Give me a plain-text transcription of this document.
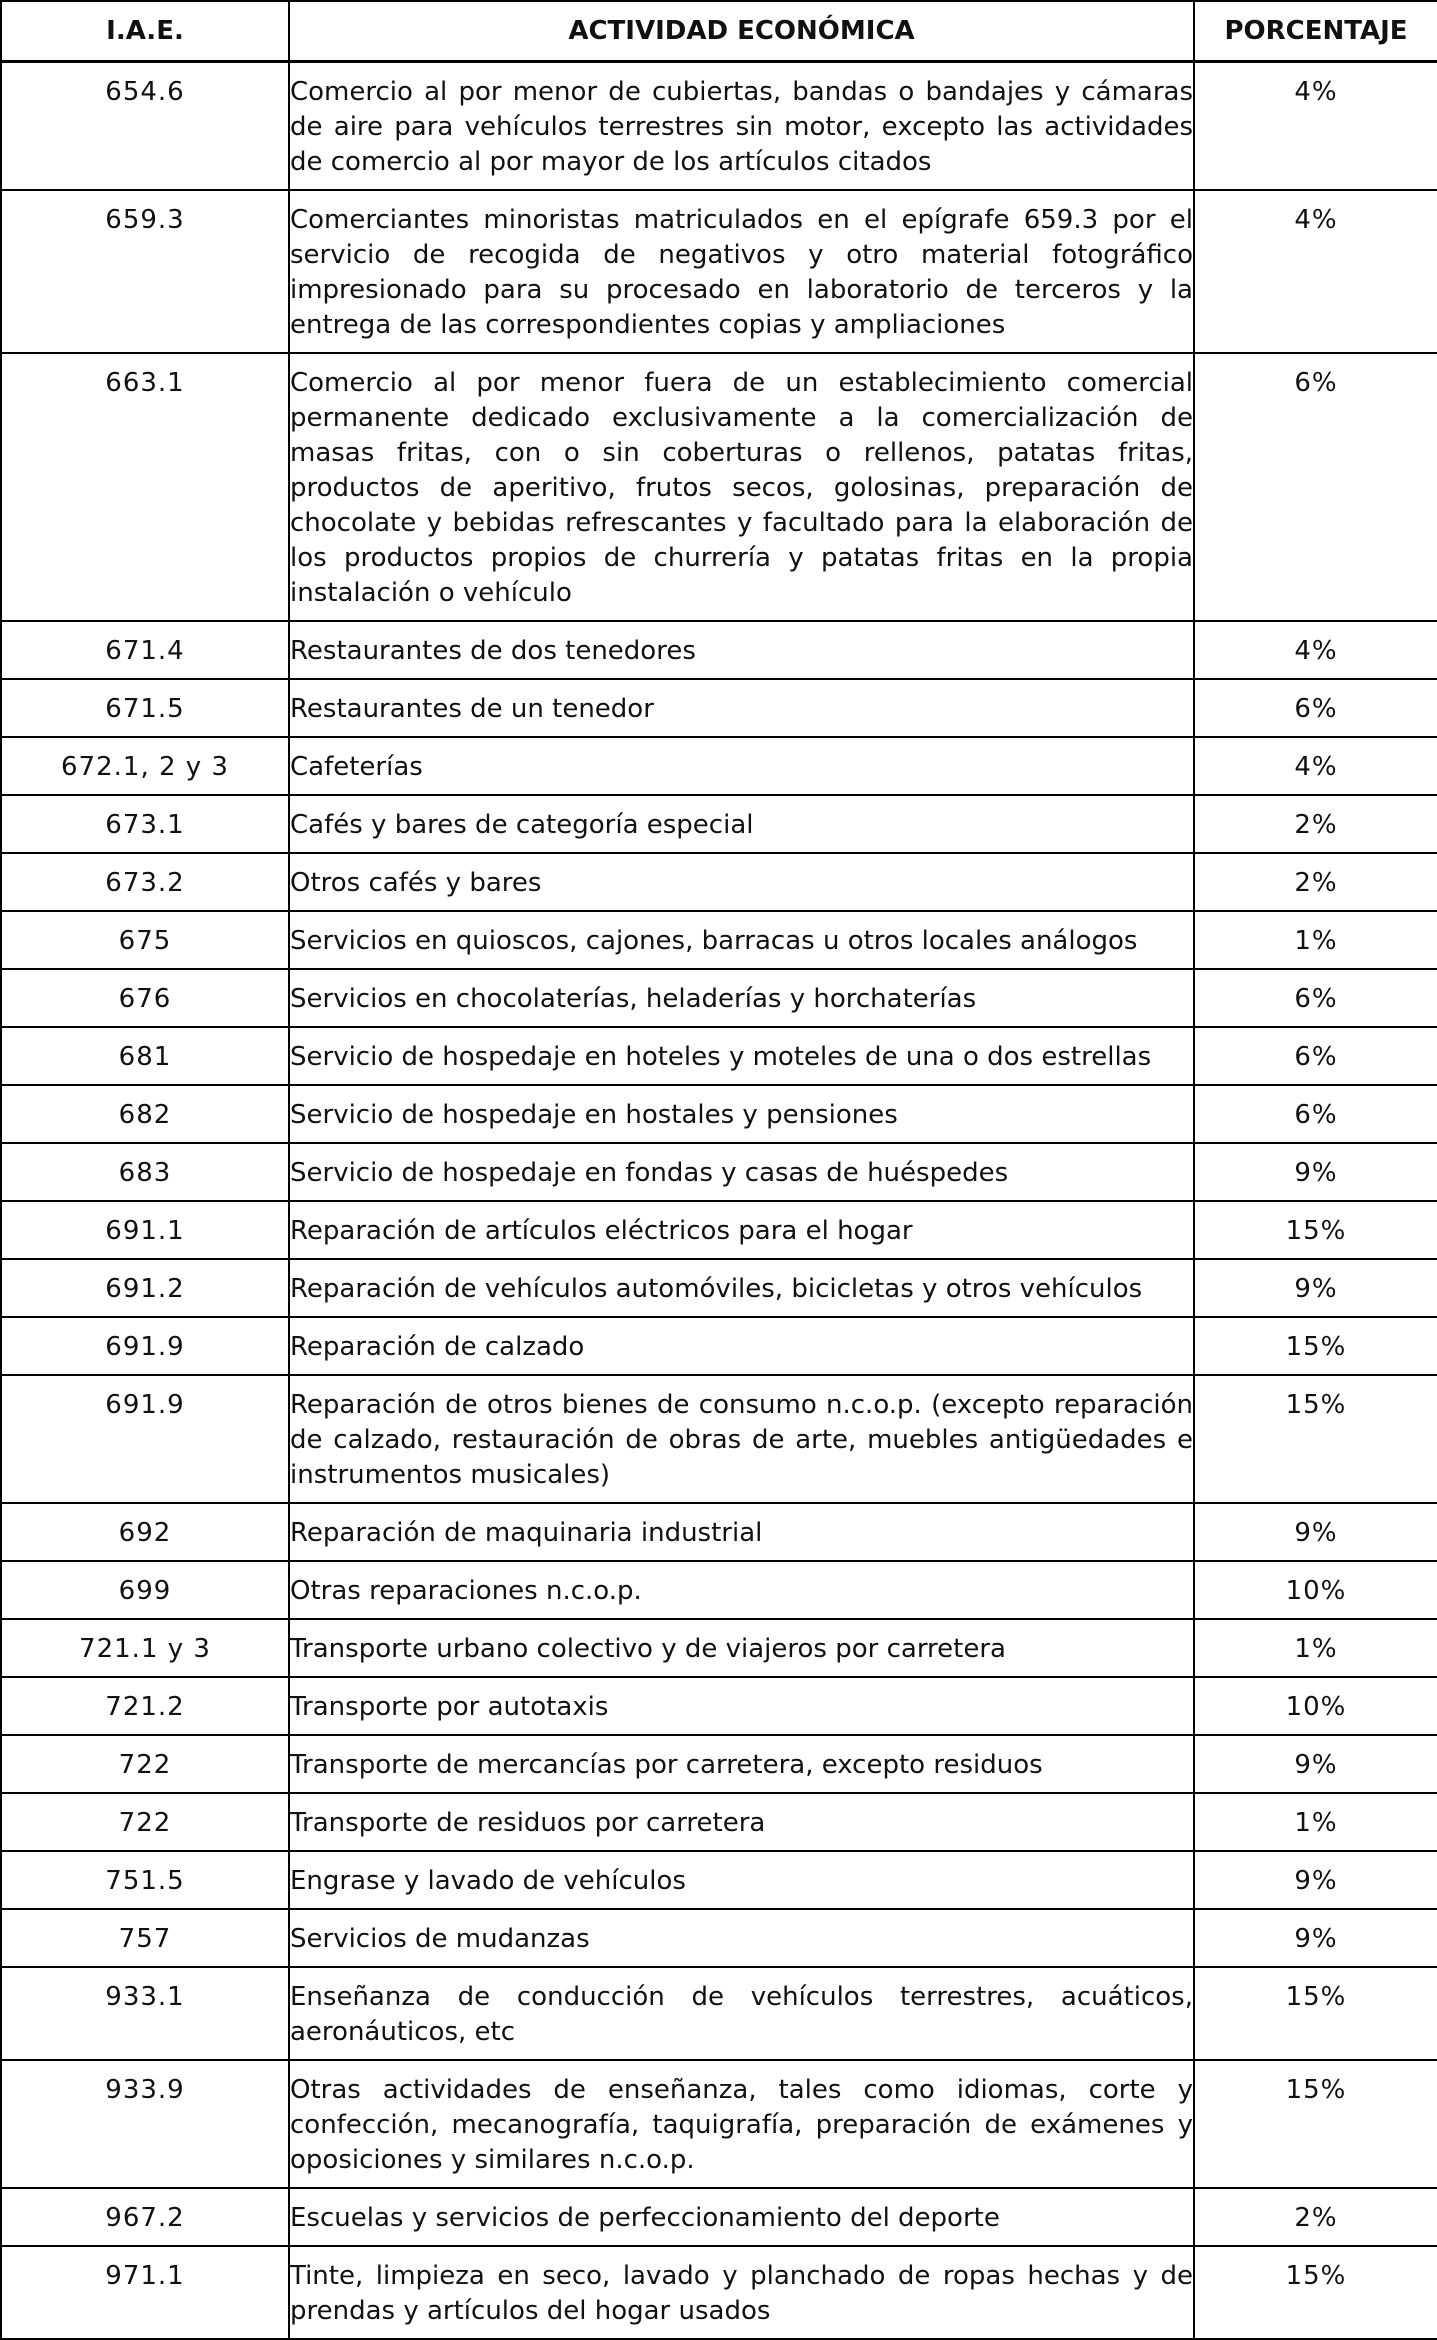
I.A.E.	ACTIVIDAD ECONÓMICA	PORCENTAJE
654.6	Comercio al por menor de cubiertas, bandas o bandajes y cámaras de aire para vehículos terrestres sin motor, excepto las actividades de comercio al por mayor de los artículos citados	4%
659.3	Comerciantes minoristas matriculados en el epígrafe 659.3 por el servicio de recogida de negativos y otro material fotográfico impresionado para su procesado en laboratorio de terceros y la entrega de las correspondientes copias y ampliaciones	4%
663.1	Comercio al por menor fuera de un establecimiento comercial permanente dedicado exclusivamente a la comercialización de masas fritas, con o sin coberturas o rellenos, patatas fritas, productos de aperitivo, frutos secos, golosinas, preparación de chocolate y bebidas refrescantes y facultado para la elaboración de los productos propios de churrería y patatas fritas en la propia instalación o vehículo	6%
671.4	Restaurantes de dos tenedores	4%
671.5	Restaurantes de un tenedor	6%
672.1, 2 y 3	Cafeterías	4%
673.1	Cafés y bares de categoría especial	2%
673.2	Otros cafés y bares	2%
675	Servicios en quioscos, cajones, barracas u otros locales análogos	1%
676	Servicios en chocolaterías, heladerías y horchaterías	6%
681	Servicio de hospedaje en hoteles y moteles de una o dos estrellas	6%
682	Servicio de hospedaje en hostales y pensiones	6%
683	Servicio de hospedaje en fondas y casas de huéspedes	9%
691.1	Reparación de artículos eléctricos para el hogar	15%
691.2	Reparación de vehículos automóviles, bicicletas y otros vehículos	9%
691.9	Reparación de calzado	15%
691.9	Reparación de otros bienes de consumo n.c.o.p. (excepto reparación de calzado, restauración de obras de arte, muebles antigüedades e instrumentos musicales)	15%
692	Reparación de maquinaria industrial	9%
699	Otras reparaciones n.c.o.p.	10%
721.1 y 3	Transporte urbano colectivo y de viajeros por carretera	1%
721.2	Transporte por autotaxis	10%
722	Transporte de mercancías por carretera, excepto residuos	9%
722	Transporte de residuos por carretera	1%
751.5	Engrase y lavado de vehículos	9%
757	Servicios de mudanzas	9%
933.1	Enseñanza de conducción de vehículos terrestres, acuáticos, aeronáuticos, etc	15%
933.9	Otras actividades de enseñanza, tales como idiomas, corte y confección, mecanografía, taquigrafía, preparación de exámenes y oposiciones y similares n.c.o.p.	15%
967.2	Escuelas y servicios de perfeccionamiento del deporte	2%
971.1	Tinte, limpieza en seco, lavado y planchado de ropas hechas y de prendas y artículos del hogar usados	15%
